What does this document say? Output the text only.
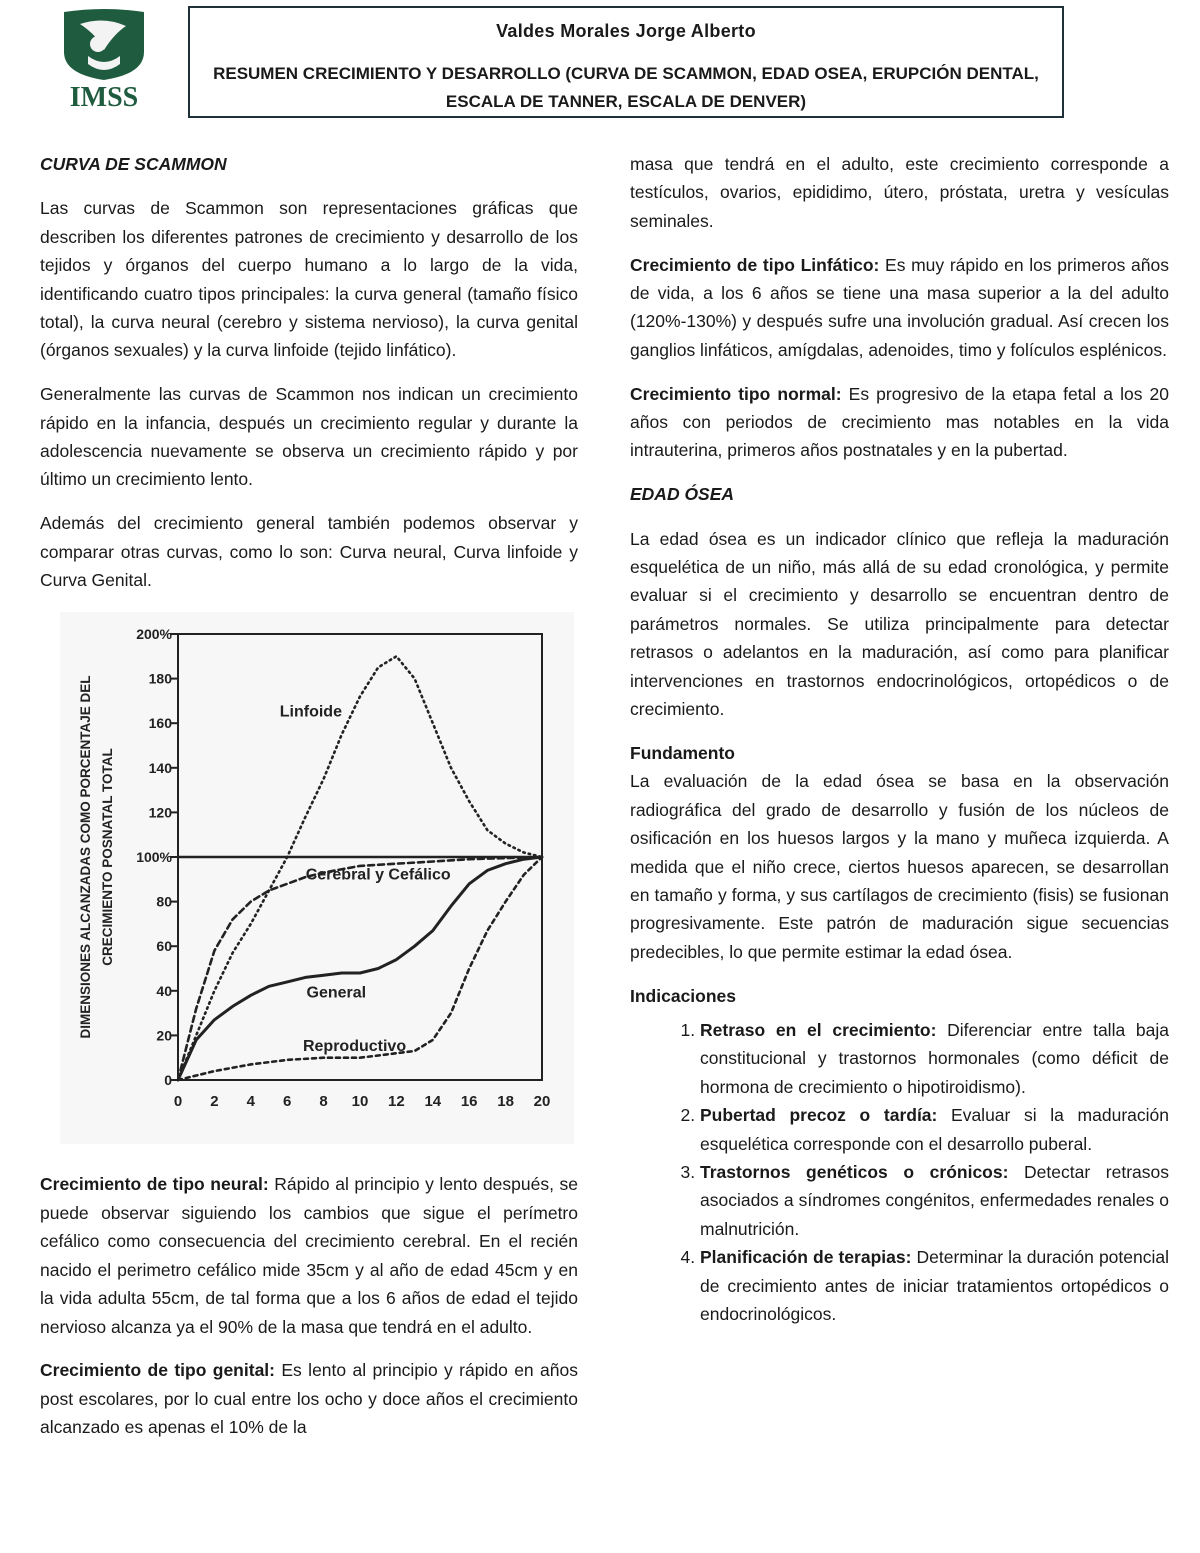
IMSS
Valdes Morales Jorge Alberto
RESUMEN CRECIMIENTO Y DESARROLLO (CURVA DE SCAMMON, EDAD OSEA, ERUPCIÓN DENTAL, ESCALA DE TANNER, ESCALA DE DENVER)
CURVA DE SCAMMON

Las curvas de Scammon son representaciones gráficas que describen los diferentes patrones de crecimiento y desarrollo de los tejidos y órganos del cuerpo humano a lo largo de la vida, identificando cuatro tipos principales: la curva general (tamaño físico total), la curva neural (cerebro y sistema nervioso), la curva genital (órganos sexuales) y la curva linfoide (tejido linfático).

Generalmente las curvas de Scammon nos indican un crecimiento rápido en la infancia, después un crecimiento regular y durante la adolescencia nuevamente se observa un crecimiento rápido y por último un crecimiento lento.

Además del crecimiento general también podemos observar y comparar otras curvas, como lo son: Curva neural, Curva linfoide y Curva Genital.

0
20
40
60
80
100%
120
140
160
180
200%
0 2 4 6 8 10 12 14 16 18 20
DIMENSIONES ALCANZADAS COMO PORCENTAJE DEL CRECIMIENTO POSNATAL TOTAL
Linfoide
Cerebral y Cefálico
General
Reproductivo

Crecimiento de tipo neural: Rápido al principio y lento después, se puede observar siguiendo los cambios que sigue el perímetro cefálico como consecuencia del crecimiento cerebral. En el recién nacido el perimetro cefálico mide 35cm y al año de edad 45cm y en la vida adulta 55cm, de tal forma que a los 6 años de edad el tejido nervioso alcanza ya el 90% de la masa que tendrá en el adulto.

Crecimiento de tipo genital: Es lento al principio y rápido en años post escolares, por lo cual entre los ocho y doce años el crecimiento alcanzado es apenas el 10% de la

masa que tendrá en el adulto, este crecimiento corresponde a testículos, ovarios, epididimo, útero, próstata, uretra y vesículas seminales.

Crecimiento de tipo Linfático: Es muy rápido en los primeros años de vida, a los 6 años se tiene una masa superior a la del adulto (120%-130%) y después sufre una involución gradual. Así crecen los ganglios linfáticos, amígdalas, adenoides, timo y folículos esplénicos.

Crecimiento tipo normal: Es progresivo de la etapa fetal a los 20 años con periodos de crecimiento mas notables en la vida intrauterina, primeros años postnatales y en la pubertad.

EDAD ÓSEA

La edad ósea es un indicador clínico que refleja la maduración esquelética de un niño, más allá de su edad cronológica, y permite evaluar si el crecimiento y desarrollo se encuentran dentro de parámetros normales. Se utiliza principalmente para detectar retrasos o adelantos en la maduración, así como para planificar intervenciones en trastornos endocrinológicos, ortopédicos o de crecimiento.

Fundamento

La evaluación de la edad ósea se basa en la observación radiográfica del grado de desarrollo y fusión de los núcleos de osificación en los huesos largos y la mano y muñeca izquierda. A medida que el niño crece, ciertos huesos aparecen, se desarrollan en tamaño y forma, y sus cartílagos de crecimiento (fisis) se fusionan progresivamente. Este patrón de maduración sigue secuencias predecibles, lo que permite estimar la edad ósea.

Indicaciones
1. Retraso en el crecimiento: Diferenciar entre talla baja constitucional y trastornos hormonales (como déficit de hormona de crecimiento o hipotiroidismo).
2. Pubertad precoz o tardía: Evaluar si la maduración esquelética corresponde con el desarrollo puberal.
3. Trastornos genéticos o crónicos: Detectar retrasos asociados a síndromes congénitos, enfermedades renales o malnutrición.
4. Planificación de terapias: Determinar la duración potencial de crecimiento antes de iniciar tratamientos ortopédicos o endocrinológicos.
